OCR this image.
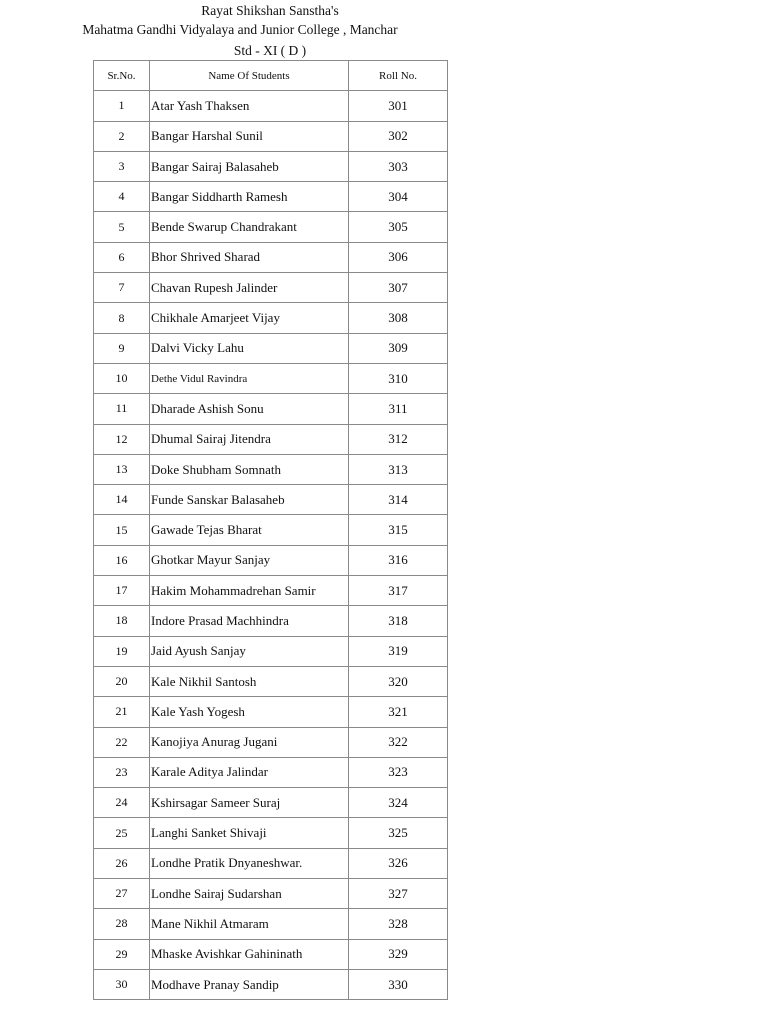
Rayat Shikshan Sanstha's
Mahatma Gandhi Vidyalaya and Junior College , Manchar
Std - XI ( D )
Sr.No.	Name Of Students	Roll No.
1	Atar Yash Thaksen	301
2	Bangar Harshal Sunil	302
3	Bangar Sairaj Balasaheb	303
4	Bangar Siddharth Ramesh	304
5	Bende Swarup Chandrakant	305
6	Bhor Shrived Sharad	306
7	Chavan Rupesh Jalinder	307
8	Chikhale Amarjeet Vijay	308
9	Dalvi Vicky Lahu	309
10	Dethe Vidul Ravindra	310
11	Dharade Ashish Sonu	311
12	Dhumal Sairaj Jitendra	312
13	Doke Shubham Somnath	313
14	Funde Sanskar Balasaheb	314
15	Gawade Tejas Bharat	315
16	Ghotkar Mayur Sanjay	316
17	Hakim Mohammadrehan Samir	317
18	Indore Prasad Machhindra	318
19	Jaid Ayush Sanjay	319
20	Kale Nikhil Santosh	320
21	Kale Yash Yogesh	321
22	Kanojiya Anurag Jugani	322
23	Karale Aditya Jalindar	323
24	Kshirsagar Sameer Suraj	324
25	Langhi Sanket Shivaji	325
26	Londhe Pratik Dnyaneshwar.	326
27	Londhe Sairaj Sudarshan	327
28	Mane Nikhil Atmaram	328
29	Mhaske Avishkar Gahininath	329
30	Modhave Pranay Sandip	330
